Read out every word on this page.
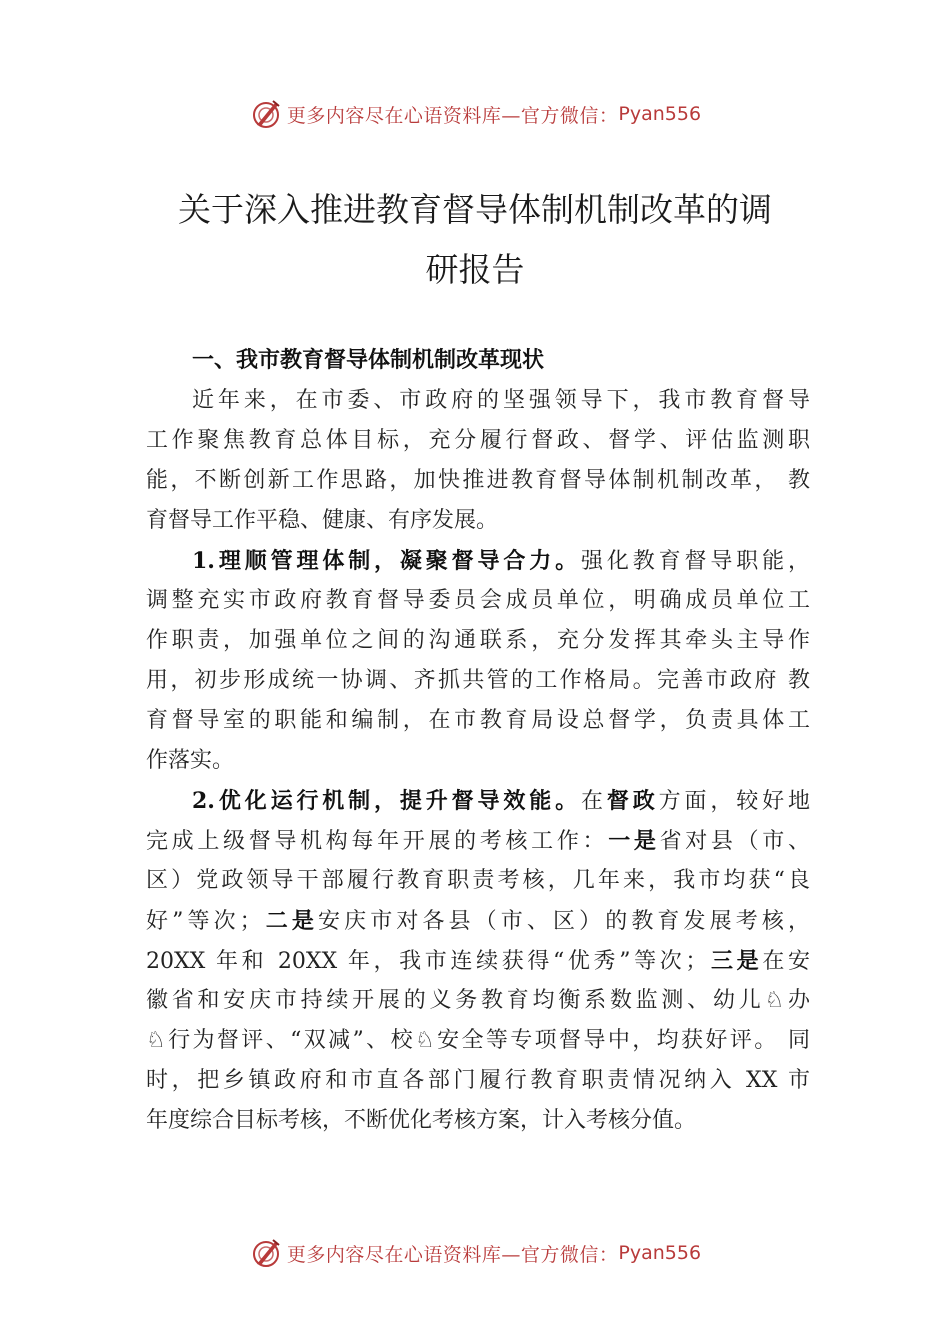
更多内容尽在心语资料库—官方微信： Pyan556
关于深入推进教育督导体制机制改革的调
研报告
一、我市教育督导体制机制改革现状
近年来，在市委、市政府的坚强领导下，我市教育督导
工作聚焦教育总体目标，充分履行督政、督学、评估监测职
能，不断创新工作思路，加快推进教育督导体制机制改革， 教
育督导工作平稳、健康、有序发展。
1.理顺管理体制，凝聚督导合力。强化教育督导职能，
调整充实市政府教育督导委员会成员单位，明确成员单位工
作职责，加强单位之间的沟通联系，充分发挥其牵头主导作
用，初步形成统一协调、齐抓共管的工作格局。完善市政府 教
育督导室的职能和编制，在市教育局设总督学，负责具体工
作落实。
2.优化运行机制，提升督导效能。在督政方面，较好地
完成上级督导机构每年开展的考核工作：一是省对县（市、
区）党政领导干部履行教育职责考核，几年来，我市均获“良
好”等次；二是安庆市对各县（市、区）的教育发展考核，
20XX 年和 20XX 年，我市连续获得“优秀”等次；三是在安
徽省和安庆市持续开展的义务教育均衡系数监测、幼儿♘办
♘行为督评、“双减”、校♘安全等专项督导中，均获好评。 同
时，把乡镇政府和市直各部门履行教育职责情况纳入 XX 市
年度综合目标考核，不断优化考核方案，计入考核分值。
更多内容尽在心语资料库—官方微信： Pyan556
